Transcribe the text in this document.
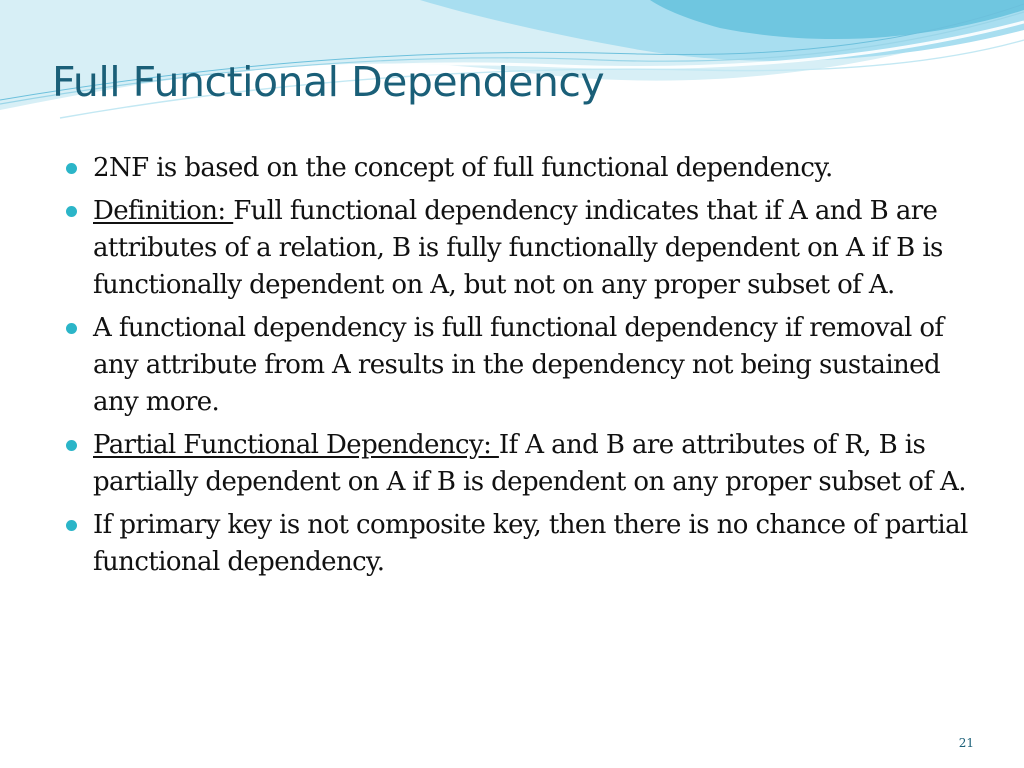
Full Functional Dependency
2NF is based on the concept of full functional dependency.
Definition: Full functional dependency indicates that if A and B are attributes of a relation, B is fully functionally dependent on A if B is functionally dependent on A, but not on any proper subset of A.
A functional dependency is full functional dependency if removal of any attribute from A results in the dependency not being sustained any more.
Partial Functional Dependency: If A and B are attributes of R, B is partially dependent on A if B is dependent on any proper subset of A.
If primary key is not composite key, then there is no chance of partial functional dependency.
21
